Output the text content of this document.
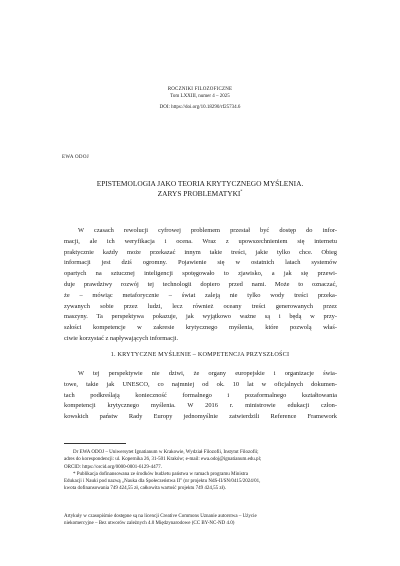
ROCZNIKI FILOZOFICZNE
Tom LXXIII, numer 4 – 2025
DOI: https://doi.org/10.18290/rf25734.6
EWA ODOJ
EPISTEMOLOGIA JAKO TEORIA KRYTYCZNEGO MYŚLENIA.
ZARYS PROBLEMATYKI*
W czasach rewolucji cyfrowej problemem przestał być dostęp do infor-
macji, ale ich weryfikacja i ocena. Wraz z upowszechnieniem się internetu
praktycznie każdy może przekazać innym takie treści, jakie tylko chce. Obieg
informacji jest dziś ogromny. Pojawienie się w ostatnich latach systemów
opartych na sztucznej inteligencji spotęgowało to zjawisko, a jak się przewi-
duje prawdziwy rozwój tej technologii dopiero przed nami. Może to oznaczać,
że – mówiąc metaforycznie – świat zaleją nie tylko wody treści przeka-
zywanych sobie przez ludzi, lecz również oceany treści generowanych przez
maszyny. Ta perspektywa pokazuje, jak wyjątkowo ważne są i będą w przy-
szłości kompetencje w zakresie krytycznego myślenia, które pozwolą właś-
ciwie korzystać z napływających informacji.
1. KRYTYCZNE MYŚLENIE – KOMPETENCJA PRZYSZŁOŚCI
W tej perspektywie nie dziwi, że organy europejskie i organizacje świa-
towe, takie jak UNESCO, co najmniej od ok. 10 lat w oficjalnych dokumen-
tach podkreślają konieczność formalnego i pozaformalnego kształtowania
kompetencji krytycznego myślenia. W 2016 r. ministrowie edukacji człon-
kowskich państw Rady Europy jednomyślnie zatwierdzili Reference Framework
Dr EWA ODOJ – Uniwersytet Ignatianum w Krakowie, Wydział Filozofii, Instytut Filozofii;
adres do korespondencji: ul. Kopernika 26, 31-501 Kraków; e-mail: ewa.odoj@ignatianum.edu.pl;
ORCID: https://orcid.org/0000-0001-6129-4477.
* Publikacja dofinansowana ze środków budżetu państwa w ramach programu Ministra
Edukacji i Nauki pod nazwą „Nauka dla Społeczeństwa II" (nr projektu NdS-II/SN/0415/2024/01,
kwota dofinansowania 749 424,55 zł, całkowita wartość projektu 749 424,55 zł).
Artykuły w czasopiśmie dostępne są na licencji Creative Commons Uznanie autorstwa – Użycie
niekomercyjne – Bez utworów zależnych 4.0 Międzynarodowe (CC BY-NC-ND 4.0)
